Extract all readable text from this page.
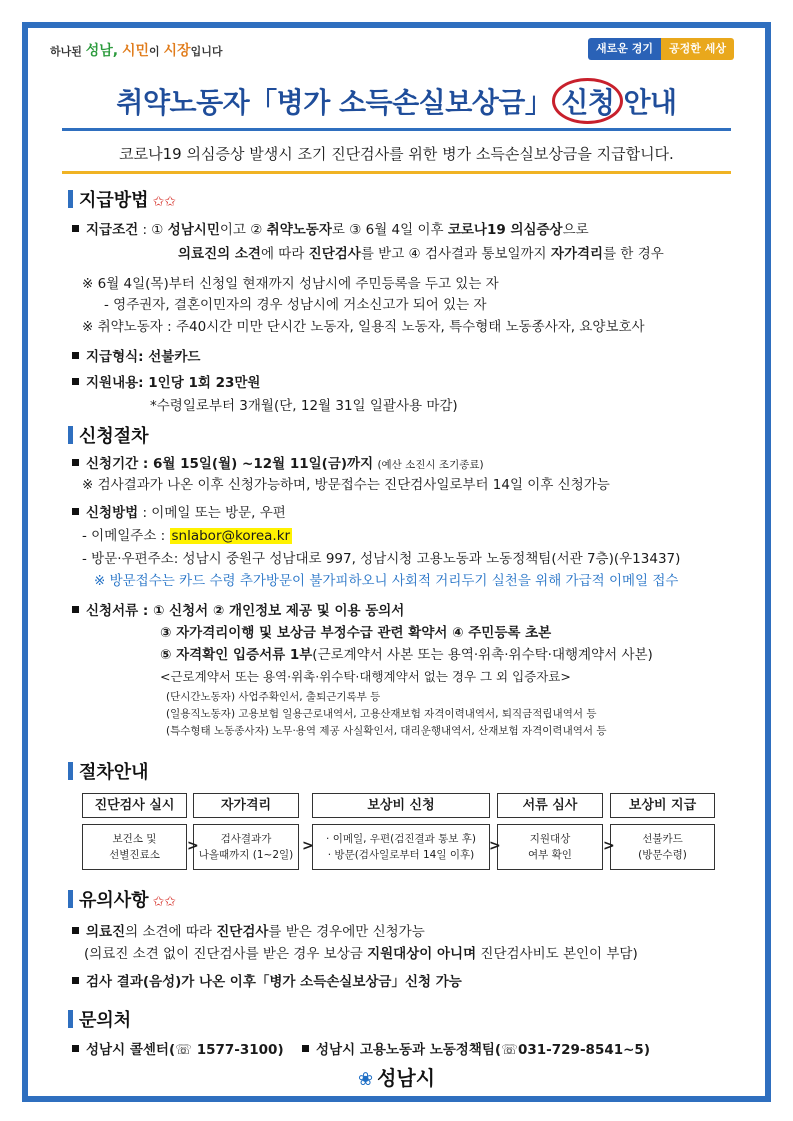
하나된 성남, 시민이 시장입니다	새로운 경기	공정한 세상
취약노동자「병가 소득손실보상금」 신청 안내
코로나19 의심증상 발생시 조기 진단검사를 위한 병가 소득손실보상금을 지급합니다.
지급방법 ✩✩
지급조건 : ① 성남시민이고 ② 취약노동자로 ③ 6월 4일 이후 코로나19 의심증상으로
의료진의 소견에 따라 진단검사를 받고 ④ 검사결과 통보일까지 자가격리를 한 경우
※ 6월 4일(목)부터 신청일 현재까지 성남시에 주민등록을 두고 있는 자
- 영주권자, 결혼이민자의 경우 성남시에 거소신고가 되어 있는 자
※ 취약노동자 : 주40시간 미만 단시간 노동자, 일용직 노동자, 특수형태 노동종사자, 요양보호사
지급형식: 선불카드
지원내용: 1인당 1회 23만원
*수령일로부터 3개월(단, 12월 31일 일괄사용 마감)
신청절차
신청기간 : 6월 15일(월) ~12월 11일(금)까지 (예산 소진시 조기종료)
※ 검사결과가 나온 이후 신청가능하며, 방문접수는 진단검사일로부터 14일 이후 신청가능
신청방법 : 이메일 또는 방문, 우편
- 이메일주소 : snlabor@korea.kr
- 방문·우편주소: 성남시 중원구 성남대로 997, 성남시청 고용노동과 노동정책팀(서관 7층)(우13437)
※ 방문접수는 카드 수령 추가방문이 불가피하오니 사회적 거리두기 실천을 위해 가급적 이메일 접수
신청서류 : ① 신청서 ② 개인정보 제공 및 이용 동의서
③ 자가격리이행 및 보상금 부정수급 관련 확약서 ④ 주민등록 초본
⑤ 자격확인 입증서류 1부(근로계약서 사본 또는 용역·위촉·위수탁·대행계약서 사본)
<근로계약서 또는 용역·위촉·위수탁·대행계약서 없는 경우 그 외 입증자료>
(단시간노동자) 사업주확인서, 출퇴근기록부 등
(일용직노동자) 고용보험 일용근로내역서, 고용산재보험 자격이력내역서, 퇴직금적립내역서 등
(특수형태 노동종사자) 노무·용역 제공 사실확인서, 대리운행내역서, 산재보험 자격이력내역서 등
절차안내
진단검사 실시	자가격리	보상비 신청	서류 심사	보상비 지급
보건소 및
선별진료소
검사결과가
나올때까지 (1~2일)
· 이메일, 우편(검진결과 통보 후)
· 방문(검사일로부터 14일 이후)
지원대상
여부 확인
선불카드
(방문수령)
>	>	>	>
유의사항 ✩✩
의료진의 소견에 따라 진단검사를 받은 경우에만 신청가능
(의료진 소견 없이 진단검사를 받은 경우 보상금 지원대상이 아니며 진단검사비도 본인이 부담)
검사 결과(음성)가 나온 이후「병가 소득손실보상금」신청 가능
문의처
성남시 콜센터(☏ 1577-3100)	성남시 고용노동과 노동정책팀(☏031-729-8541~5)
❀ 성남시
